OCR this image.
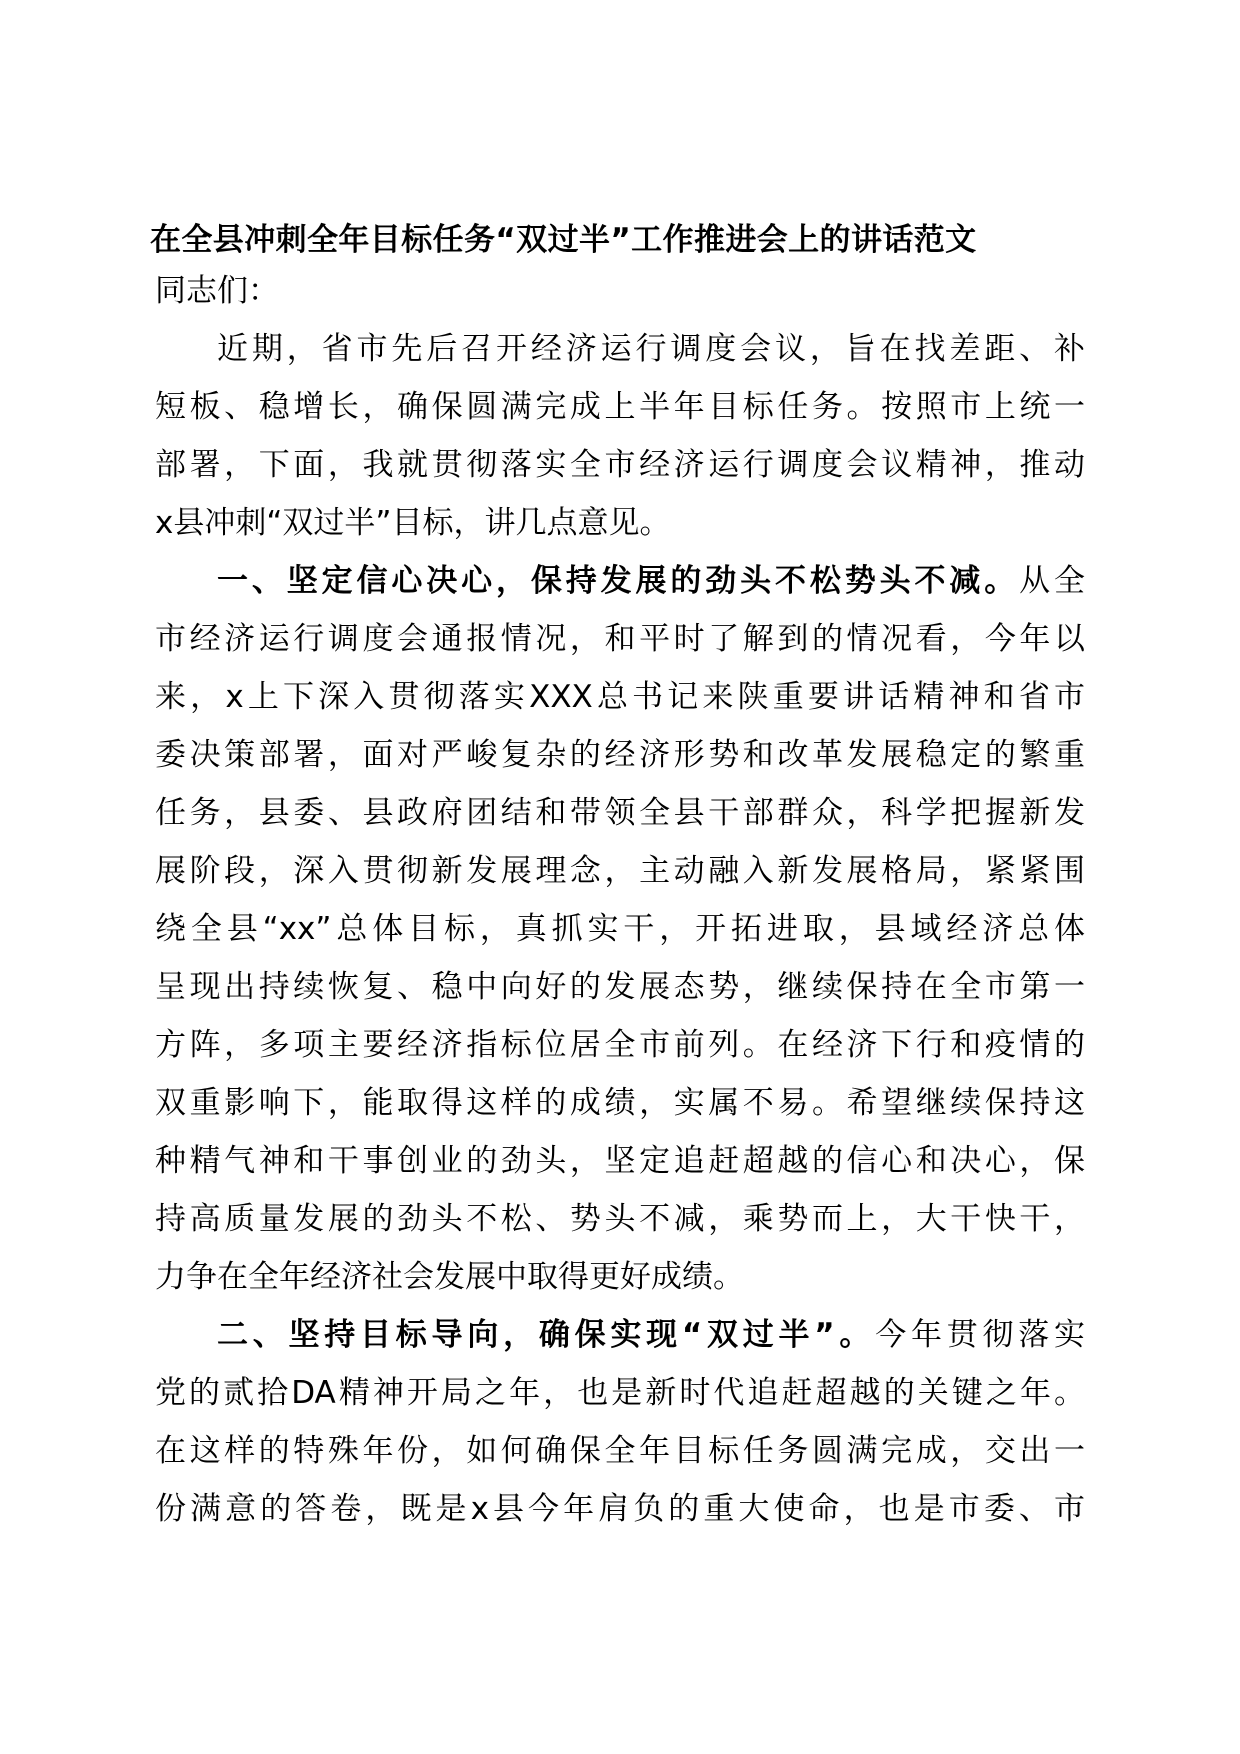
在全县冲刺全年目标任务“双过半”工作推进会上的讲话范文

同志们：

近期，省市先后召开经济运行调度会议，旨在找差距、补
短板、稳增长，确保圆满完成上半年目标任务。按照市上统一
部署，下面，我就贯彻落实全市经济运行调度会议精神，推动
x县冲刺“双过半”目标，讲几点意见。

一、坚定信心决心，保持发展的劲头不松势头不减。从全
市经济运行调度会通报情况，和平时了解到的情况看，今年以
来，x上下深入贯彻落实XXX总书记来陕重要讲话精神和省市
委决策部署，面对严峻复杂的经济形势和改革发展稳定的繁重
任务，县委、县政府团结和带领全县干部群众，科学把握新发
展阶段，深入贯彻新发展理念，主动融入新发展格局，紧紧围
绕全县“xx”总体目标，真抓实干，开拓进取，县域经济总体
呈现出持续恢复、稳中向好的发展态势，继续保持在全市第一
方阵，多项主要经济指标位居全市前列。在经济下行和疫情的
双重影响下，能取得这样的成绩，实属不易。希望继续保持这
种精气神和干事创业的劲头，坚定追赶超越的信心和决心，保
持高质量发展的劲头不松、势头不减，乘势而上，大干快干，
力争在全年经济社会发展中取得更好成绩。

二、坚持目标导向，确保实现“双过半”。今年贯彻落实
党的贰拾DA精神开局之年，也是新时代追赶超越的关键之年。
在这样的特殊年份，如何确保全年目标任务圆满完成，交出一
份满意的答卷，既是x县今年肩负的重大使命，也是市委、市
